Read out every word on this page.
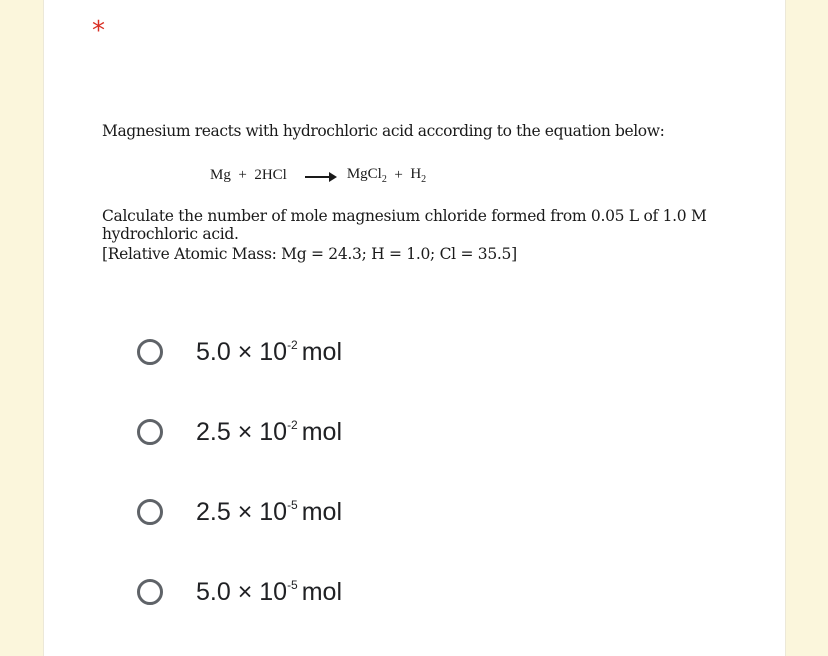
*

Magnesium reacts with hydrochloric acid according to the equation below:

Mg + 2HCl	MgCl$_2$ + $H_2$

Calculate the number of mole magnesium chloride formed from 0.05 L of 1.0 M hydrochloric acid.

[Relative Atomic Mass: Mg = 24.3; H = 1.0; Cl = 35.5]

$5.0 \times 10^{-2}$ mol
$2.5 \times 10^{-2}$ mol
$2.5 \times 10^{-5}$ mol
$5.0 \times 10^{-5}$ mol
